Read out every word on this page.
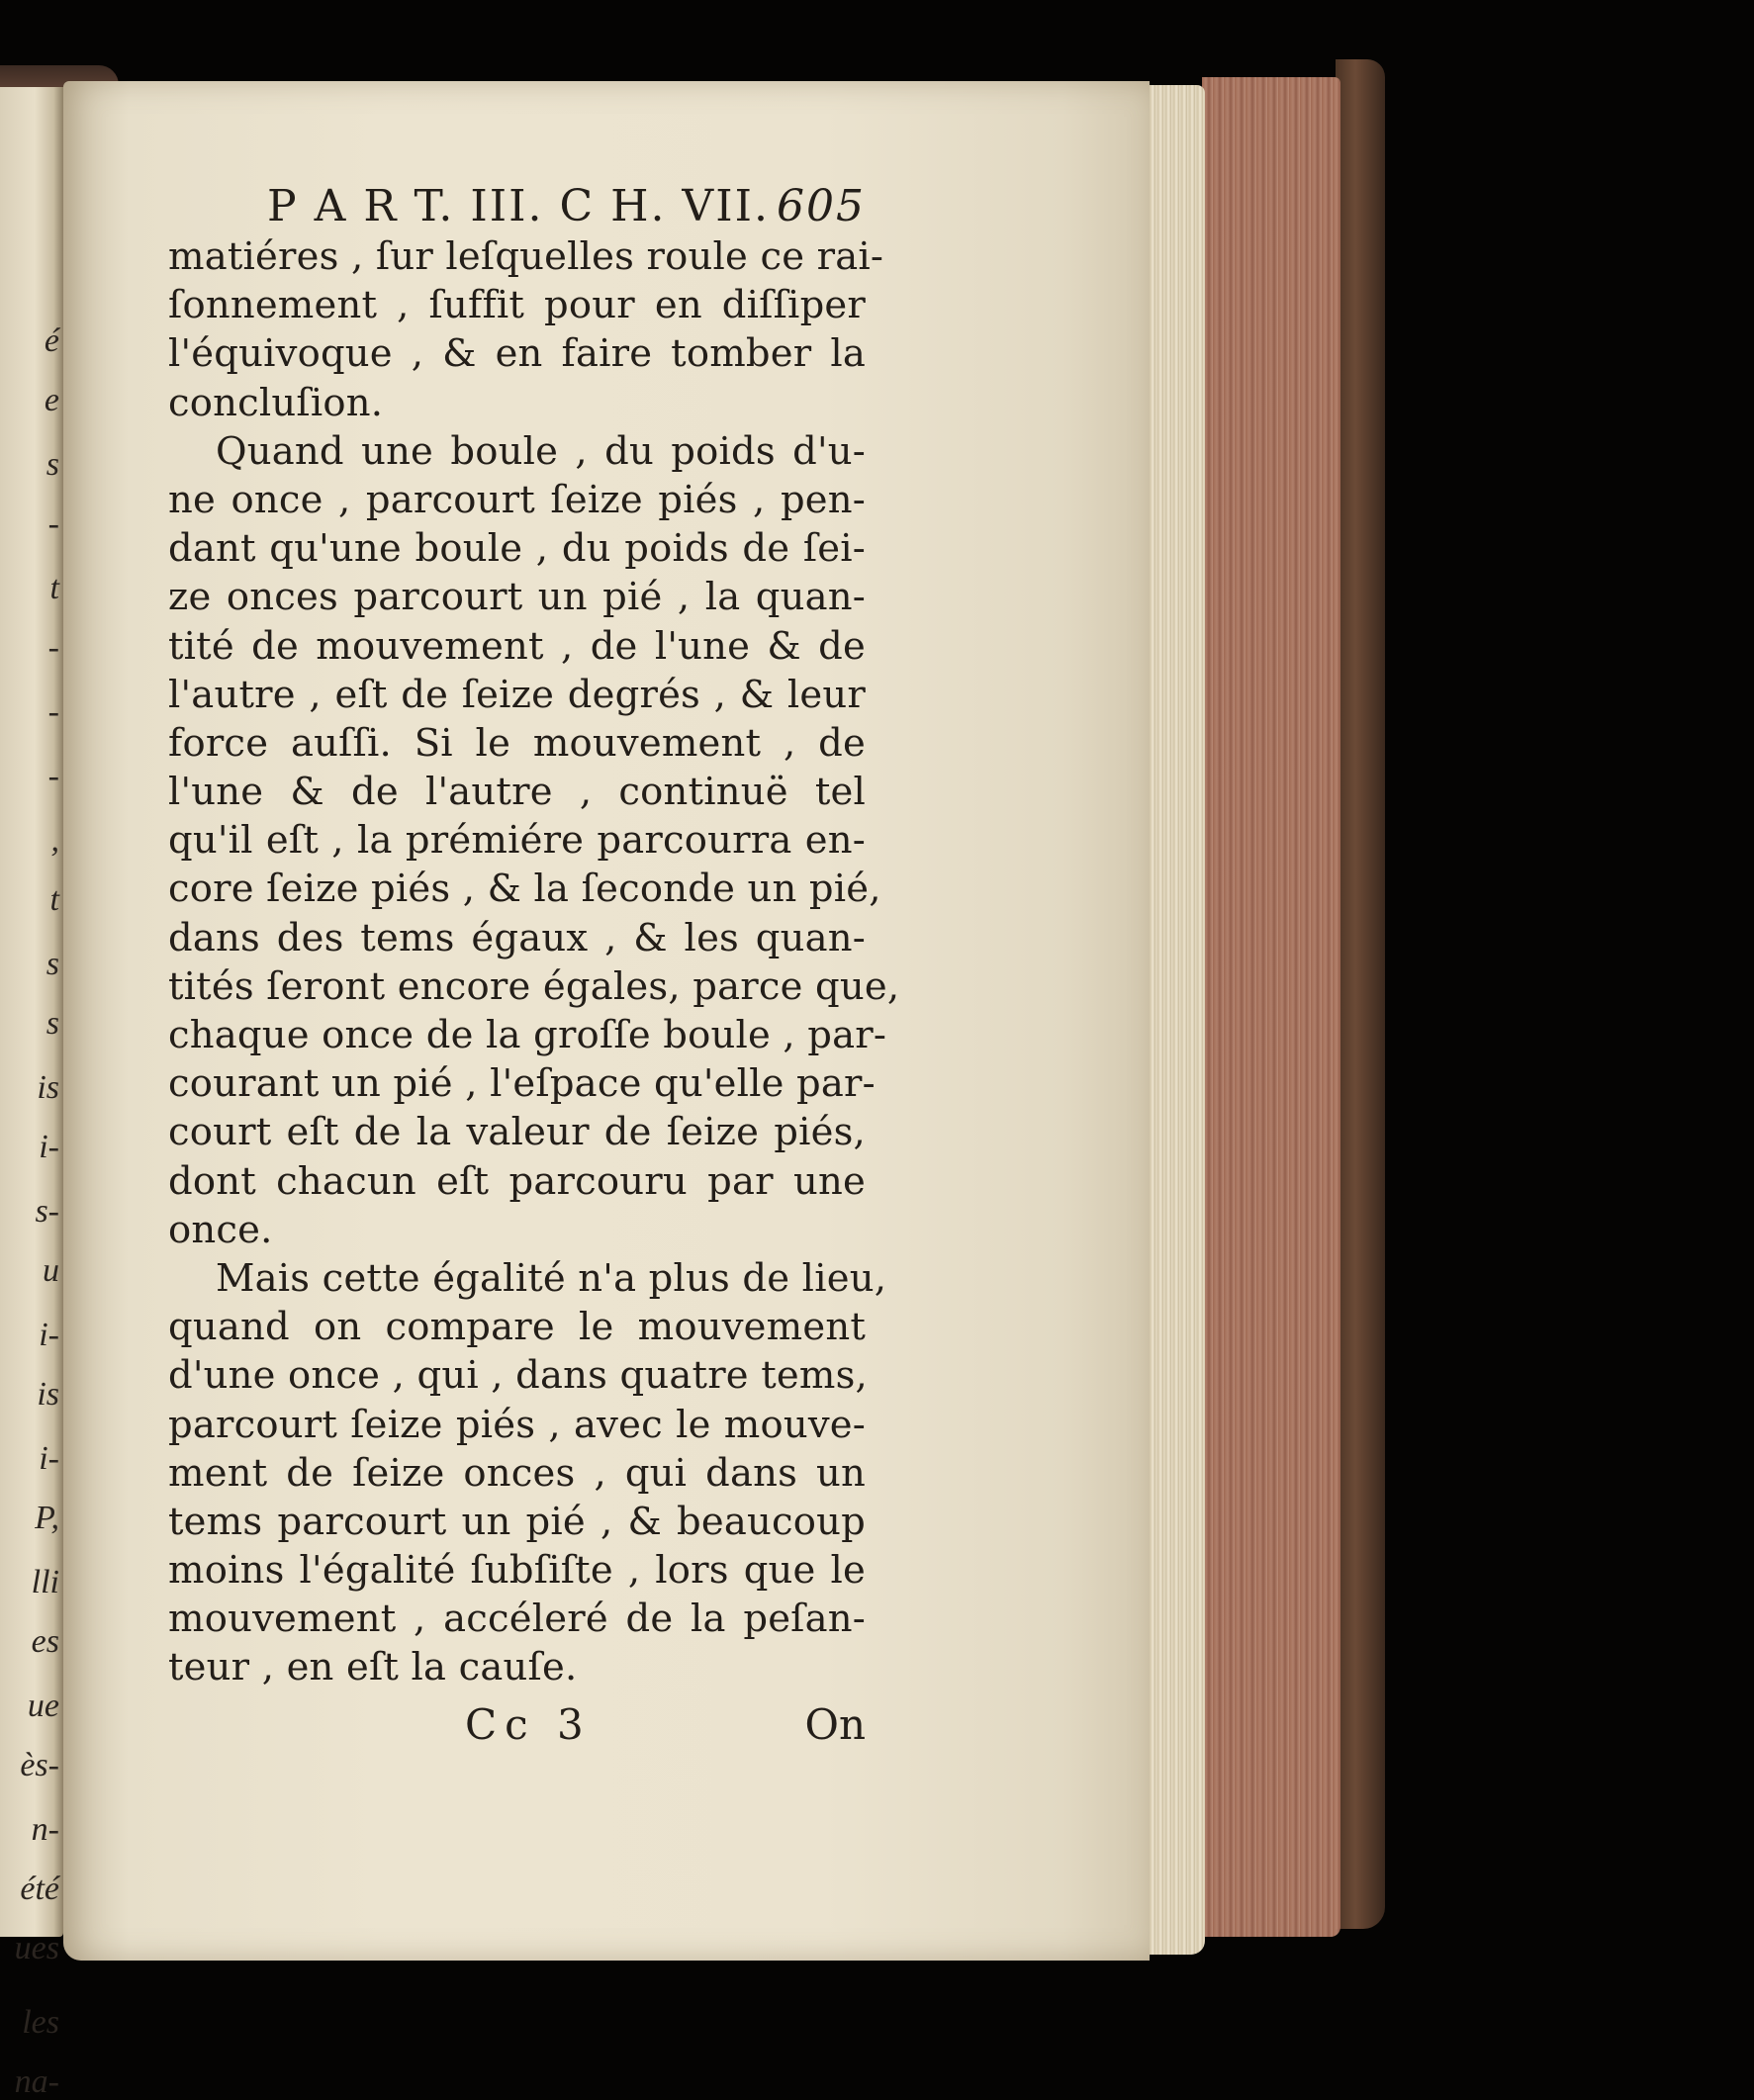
é
e
s
-
t
-
-
-
,
t
s
s
is
i-
s-
u
i-
is
i-
P,
lli
es
ue
ès-
n-
été
ues
les
na-
P A R T. III. C H. VII. 605
matiéres , ſur leſquelles roule ce rai-
ſonnement , ſuffit pour en diſſiper
l'équivoque , & en faire tomber la
concluſion.
Quand une boule , du poids d'u-
ne once , parcourt ſeize piés , pen-
dant qu'une boule , du poids de ſei-
ze onces parcourt un pié , la quan-
tité de mouvement , de l'une & de
l'autre , eſt de ſeize degrés , & leur
force auſſi. Si le mouvement , de
l'une & de l'autre , continuë tel
qu'il eſt , la prémiére parcourra en-
core ſeize piés , & la ſeconde un pié,
dans des tems égaux , & les quan-
tités ſeront encore égales, parce que,
chaque once de la groſſe boule , par-
courant un pié , l'eſpace qu'elle par-
court eſt de la valeur de ſeize piés,
dont chacun eſt parcouru par une
once.
Mais cette égalité n'a plus de lieu,
quand on compare le mouvement
d'une once , qui , dans quatre tems,
parcourt ſeize piés , avec le mouve-
ment de ſeize onces , qui dans un
tems parcourt un pié , & beaucoup
moins l'égalité ſubſiſte , lors que le
mouvement , accéleré de la peſan-
teur , en eſt la cauſe.
Cc 3	On
